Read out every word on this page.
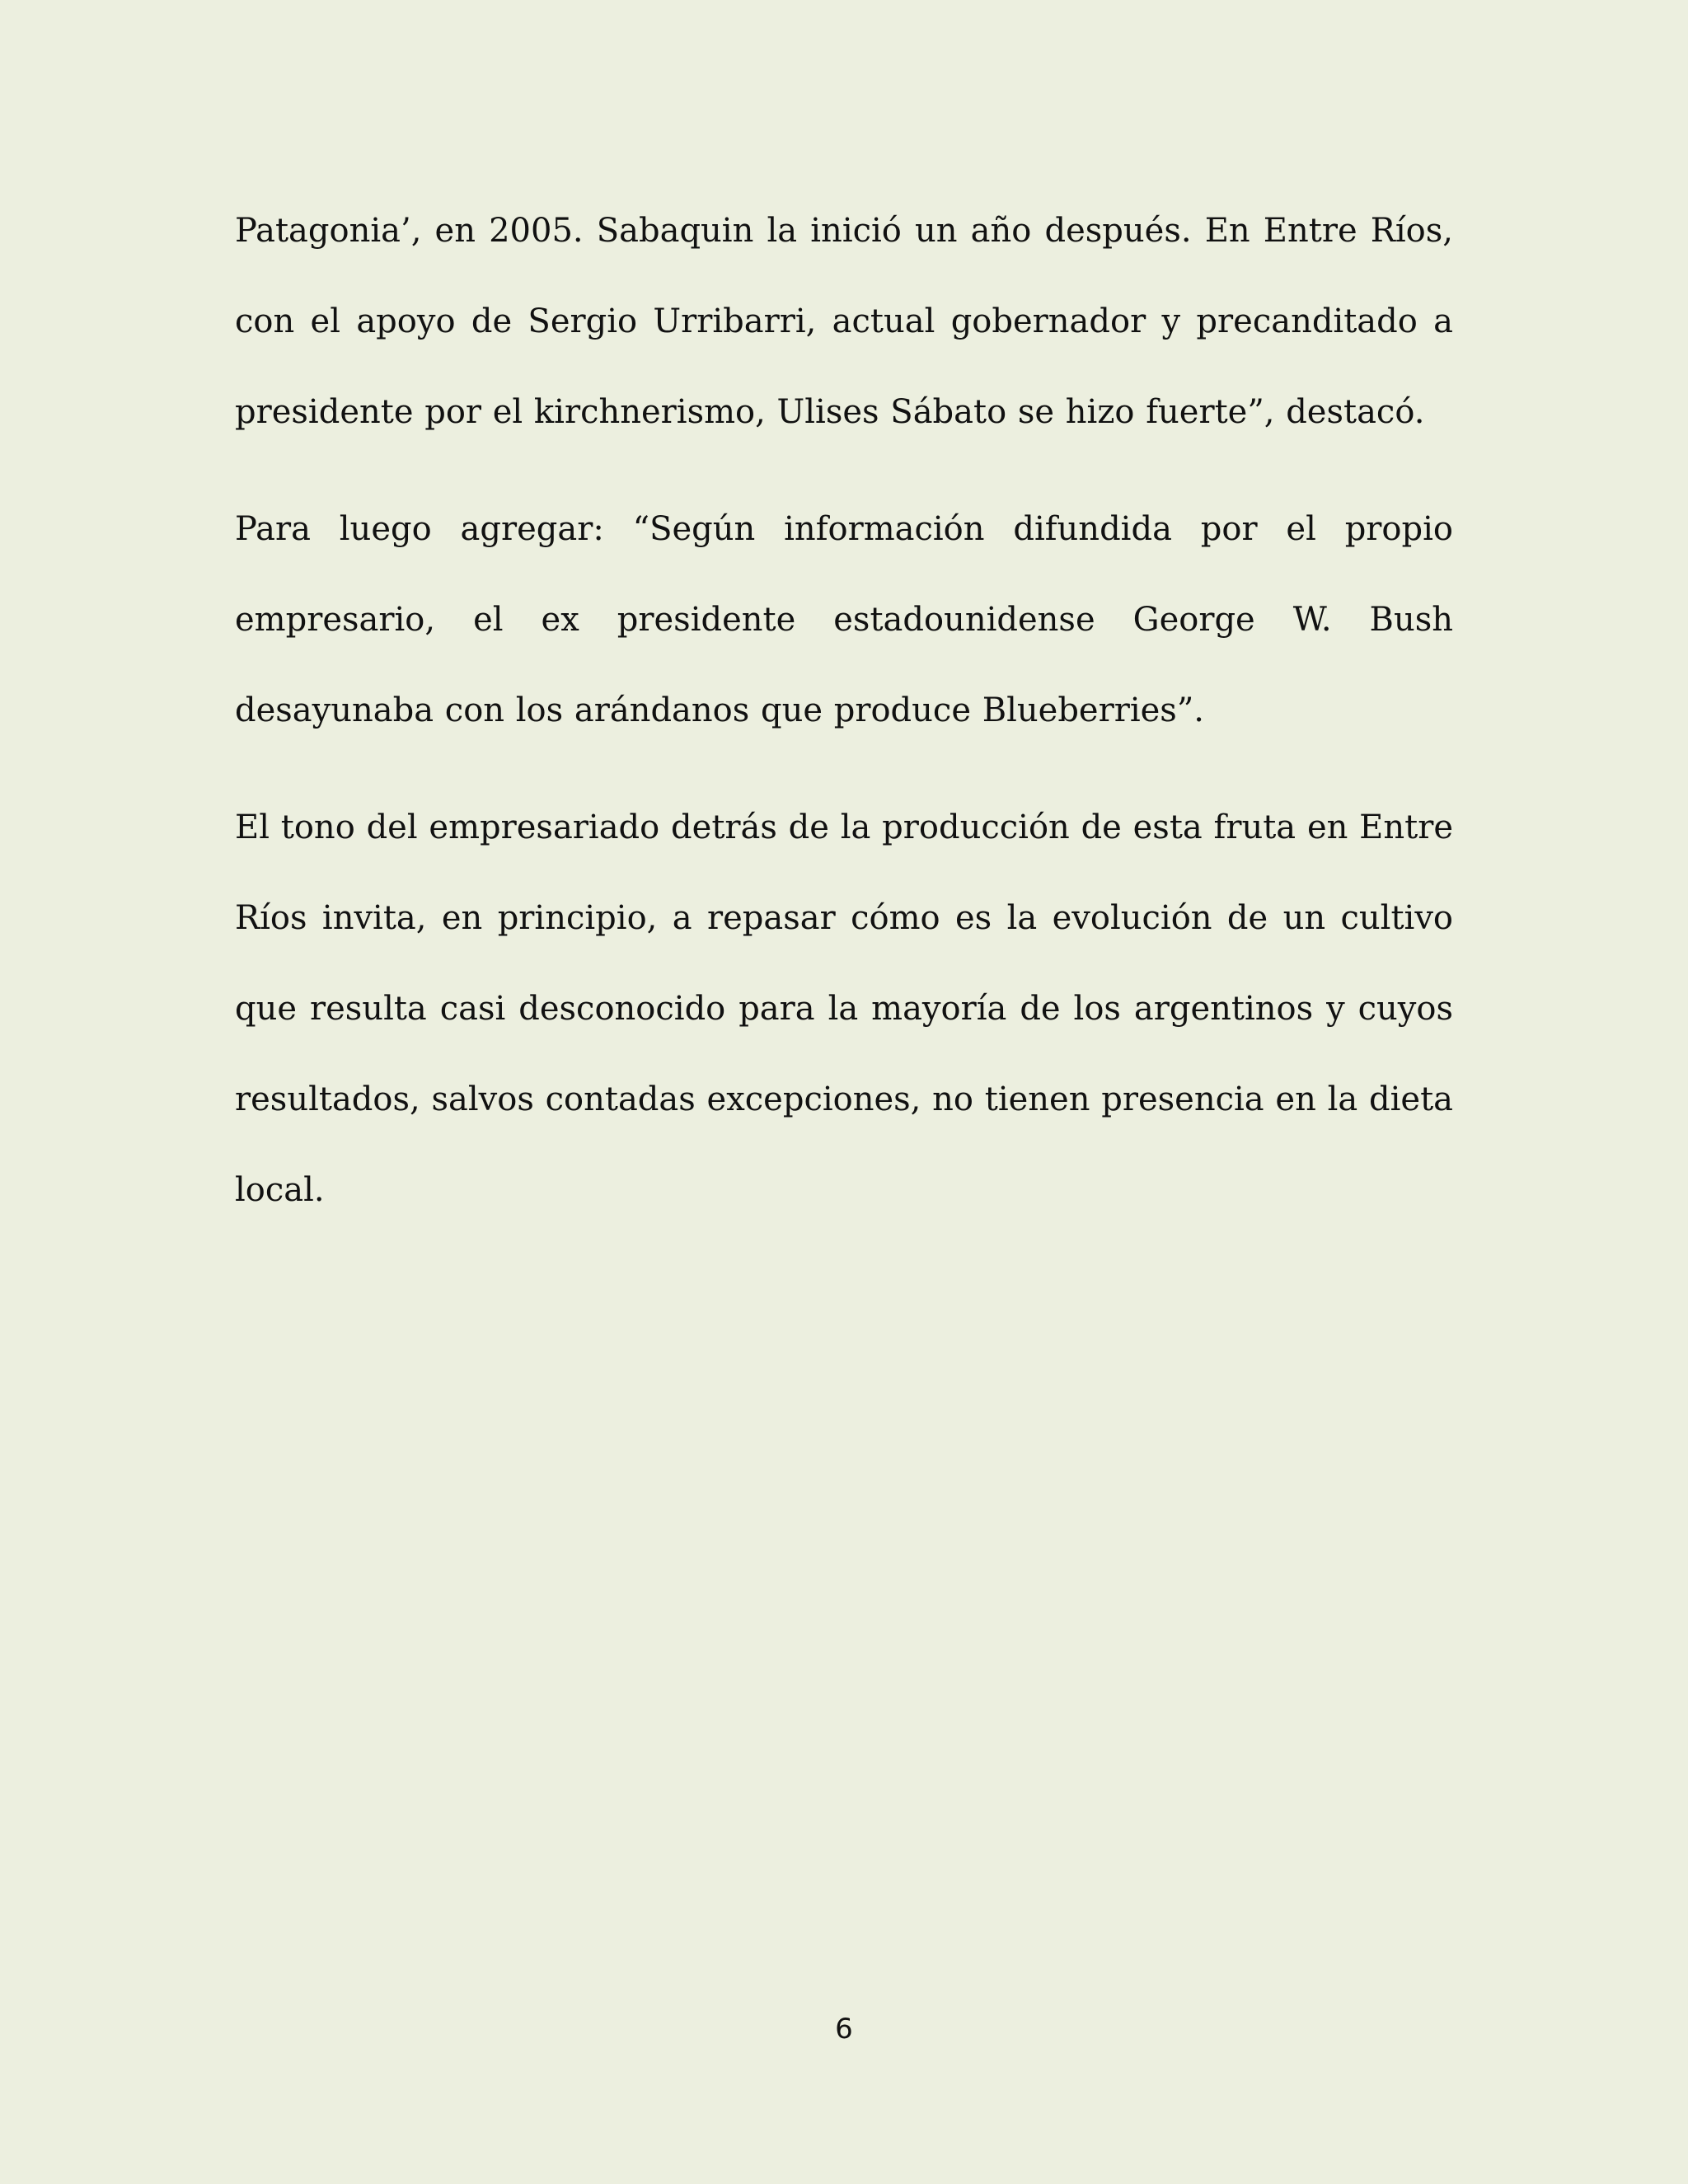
Patagonia’, en 2005. Sabaquin la inició un año después. En Entre Ríos, con el apoyo de Sergio Urribarri, actual gobernador y precanditado a presidente por el kirchnerismo, Ulises Sábato se hizo fuerte”, destacó.

Para luego agregar: “Según información difundida por el propio empresario, el ex presidente estadounidense George W. Bush desayunaba con los arándanos que produce Blueberries”.

El tono del empresariado detrás de la producción de esta fruta en Entre Ríos invita, en principio, a repasar cómo es la evolución de un cultivo que resulta casi desconocido para la mayoría de los argentinos y cuyos resultados, salvos contadas excepciones, no tienen presencia en la dieta local.

6
